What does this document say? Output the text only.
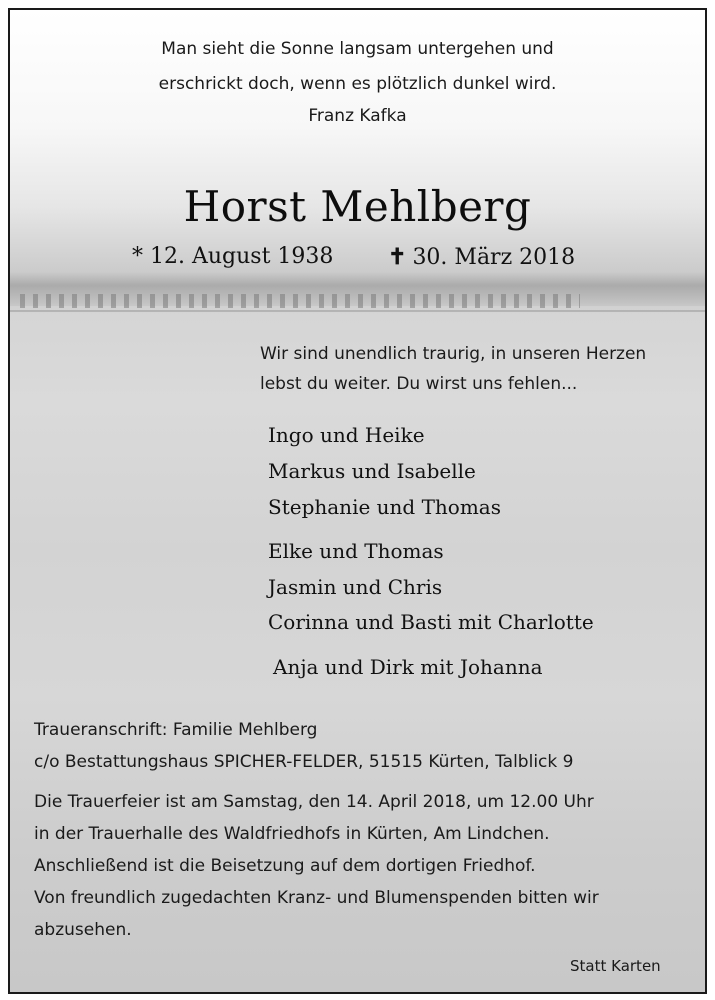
Man sieht die Sonne langsam untergehen und
erschrickt doch, wenn es plötzlich dunkel wird.
Franz Kafka
Horst Mehlberg
* 12. August 1938 ✝ 30. März 2018
Wir sind unendlich traurig, in unseren Herzen
lebst du weiter. Du wirst uns fehlen...
Ingo und Heike
Markus und Isabelle
Stephanie und Thomas
Elke und Thomas
Jasmin und Chris
Corinna und Basti mit Charlotte
Anja und Dirk mit Johanna
Traueranschrift: Familie Mehlberg
c/o Bestattungshaus SPICHER-FELDER, 51515 Kürten, Talblick 9
Die Trauerfeier ist am Samstag, den 14. April 2018, um 12.00 Uhr
in der Trauerhalle des Waldfriedhofs in Kürten, Am Lindchen.
Anschließend ist die Beisetzung auf dem dortigen Friedhof.
Von freundlich zugedachten Kranz- und Blumenspenden bitten wir
abzusehen.
Statt Karten
